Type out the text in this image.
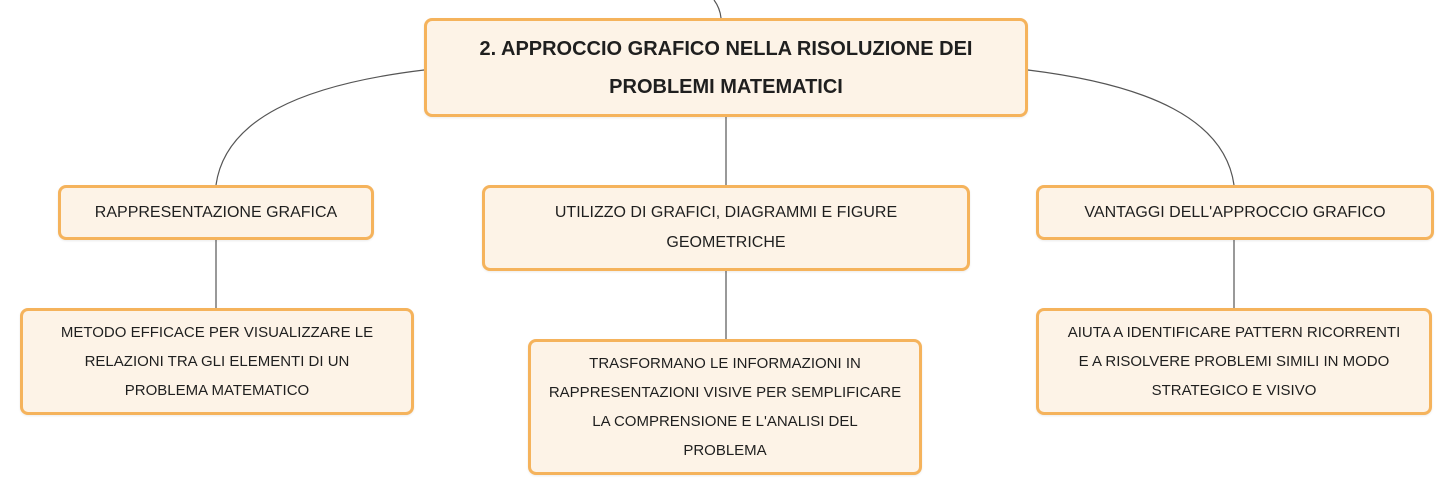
2. APPROCCIO GRAFICO NELLA RISOLUZIONE DEI
PROBLEMI MATEMATICI
RAPPRESENTAZIONE GRAFICA	UTILIZZO DI GRAFICI, DIAGRAMMI E FIGURE
GEOMETRICHE
VANTAGGI DELL'APPROCCIO GRAFICO
METODO EFFICACE PER VISUALIZZARE LE
RELAZIONI TRA GLI ELEMENTI DI UN
PROBLEMA MATEMATICO
TRASFORMANO LE INFORMAZIONI IN
RAPPRESENTAZIONI VISIVE PER SEMPLIFICARE
LA COMPRENSIONE E L'ANALISI DEL
PROBLEMA
AIUTA A IDENTIFICARE PATTERN RICORRENTI
E A RISOLVERE PROBLEMI SIMILI IN MODO
STRATEGICO E VISIVO
